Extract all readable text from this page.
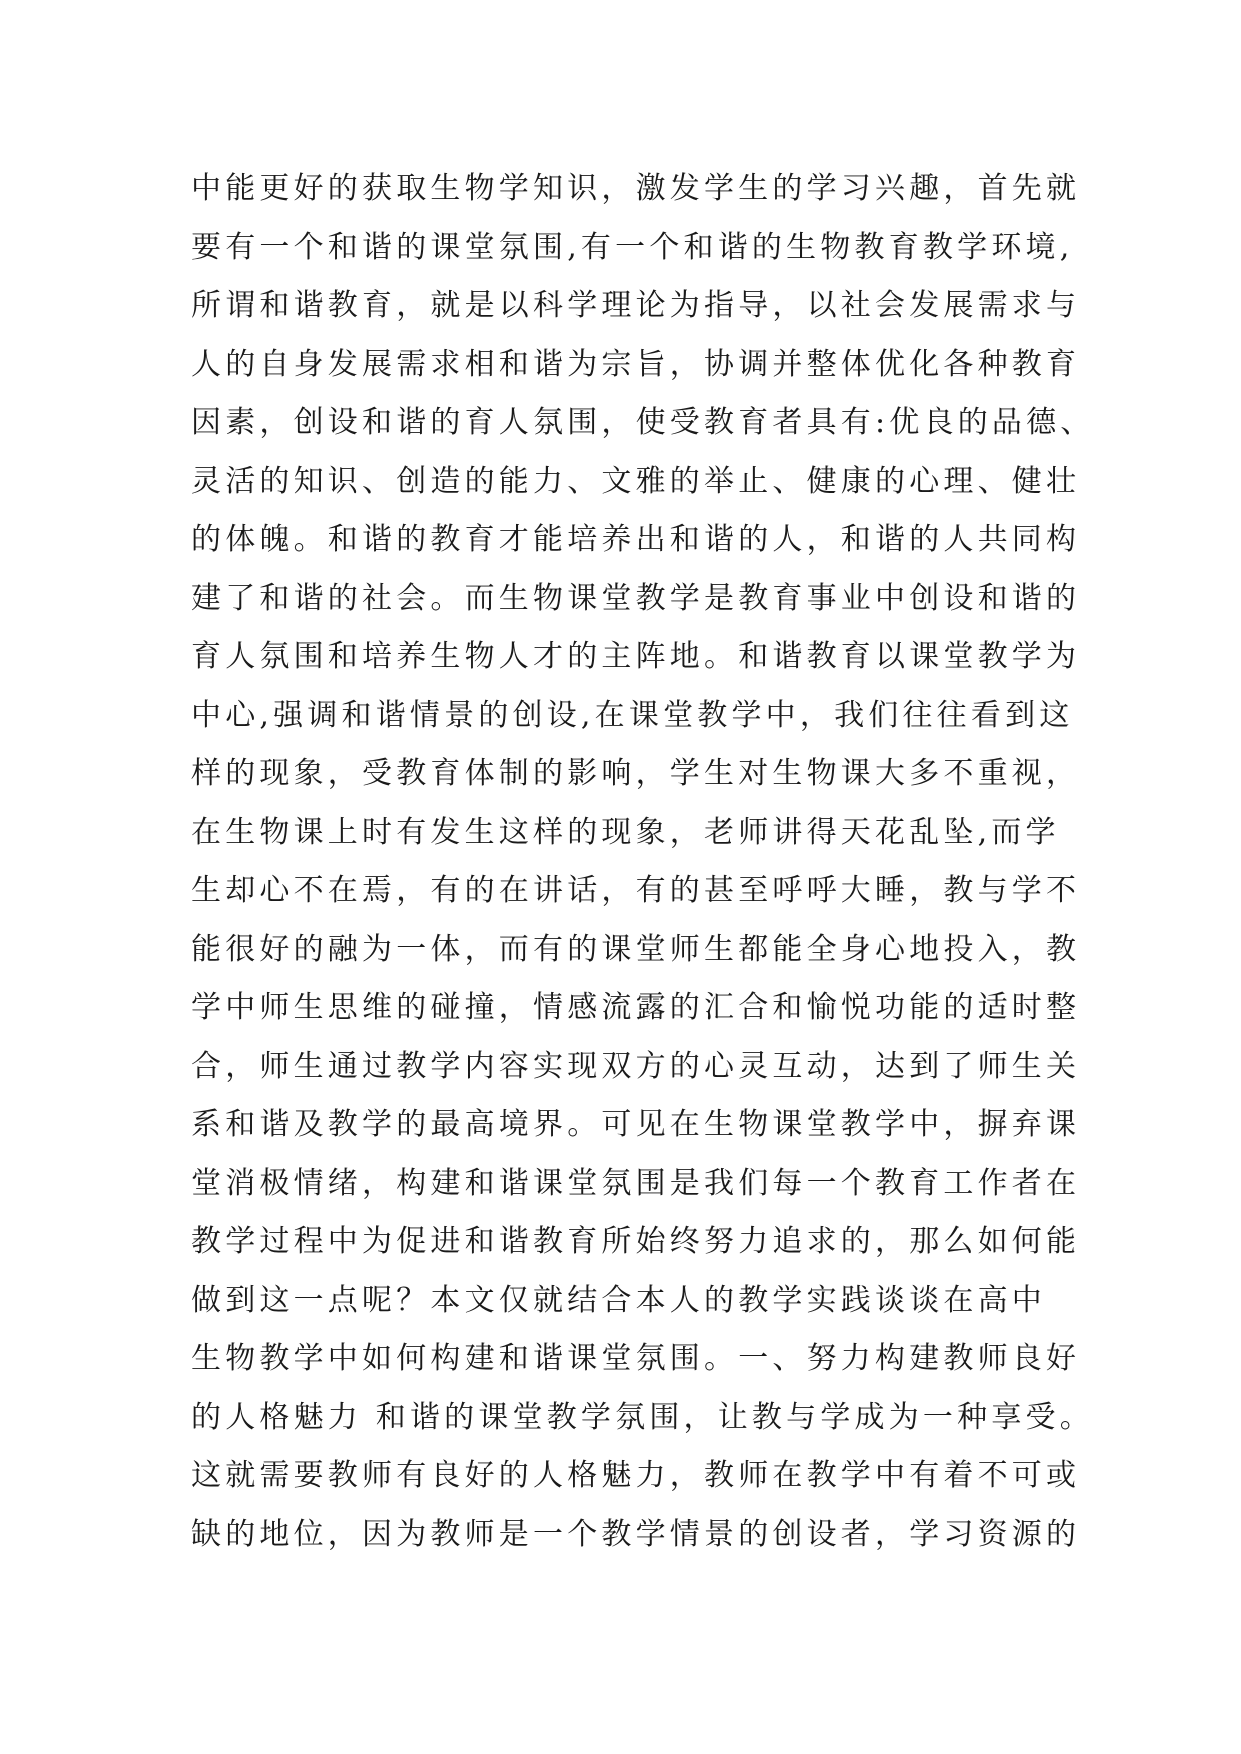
中能更好的获取生物学知识，激发学生的学习兴趣，首先就
要有一个和谐的课堂氛围,有一个和谐的生物教育教学环境,
所谓和谐教育，就是以科学理论为指导，以社会发展需求与
人的自身发展需求相和谐为宗旨，协调并整体优化各种教育
因素，创设和谐的育人氛围，使受教育者具有:优良的品德、
灵活的知识、创造的能力、文雅的举止、健康的心理、健壮
的体魄。和谐的教育才能培养出和谐的人，和谐的人共同构
建了和谐的社会。而生物课堂教学是教育事业中创设和谐的
育人氛围和培养生物人才的主阵地。和谐教育以课堂教学为
中心,强调和谐情景的创设,在课堂教学中，我们往往看到这
样的现象，受教育体制的影响，学生对生物课大多不重视，
在生物课上时有发生这样的现象，老师讲得天花乱坠,而学
生却心不在焉，有的在讲话，有的甚至呼呼大睡，教与学不
能很好的融为一体，而有的课堂师生都能全身心地投入，教
学中师生思维的碰撞，情感流露的汇合和愉悦功能的适时整
合，师生通过教学内容实现双方的心灵互动，达到了师生关
系和谐及教学的最高境界。可见在生物课堂教学中，摒弃课
堂消极情绪，构建和谐课堂氛围是我们每一个教育工作者在
教学过程中为促进和谐教育所始终努力追求的，那么如何能
做到这一点呢？本文仅就结合本人的教学实践谈谈在高中
生物教学中如何构建和谐课堂氛围。一、努力构建教师良好
的人格魅力 和谐的课堂教学氛围，让教与学成为一种享受。
这就需要教师有良好的人格魅力，教师在教学中有着不可或
缺的地位，因为教师是一个教学情景的创设者，学习资源的
